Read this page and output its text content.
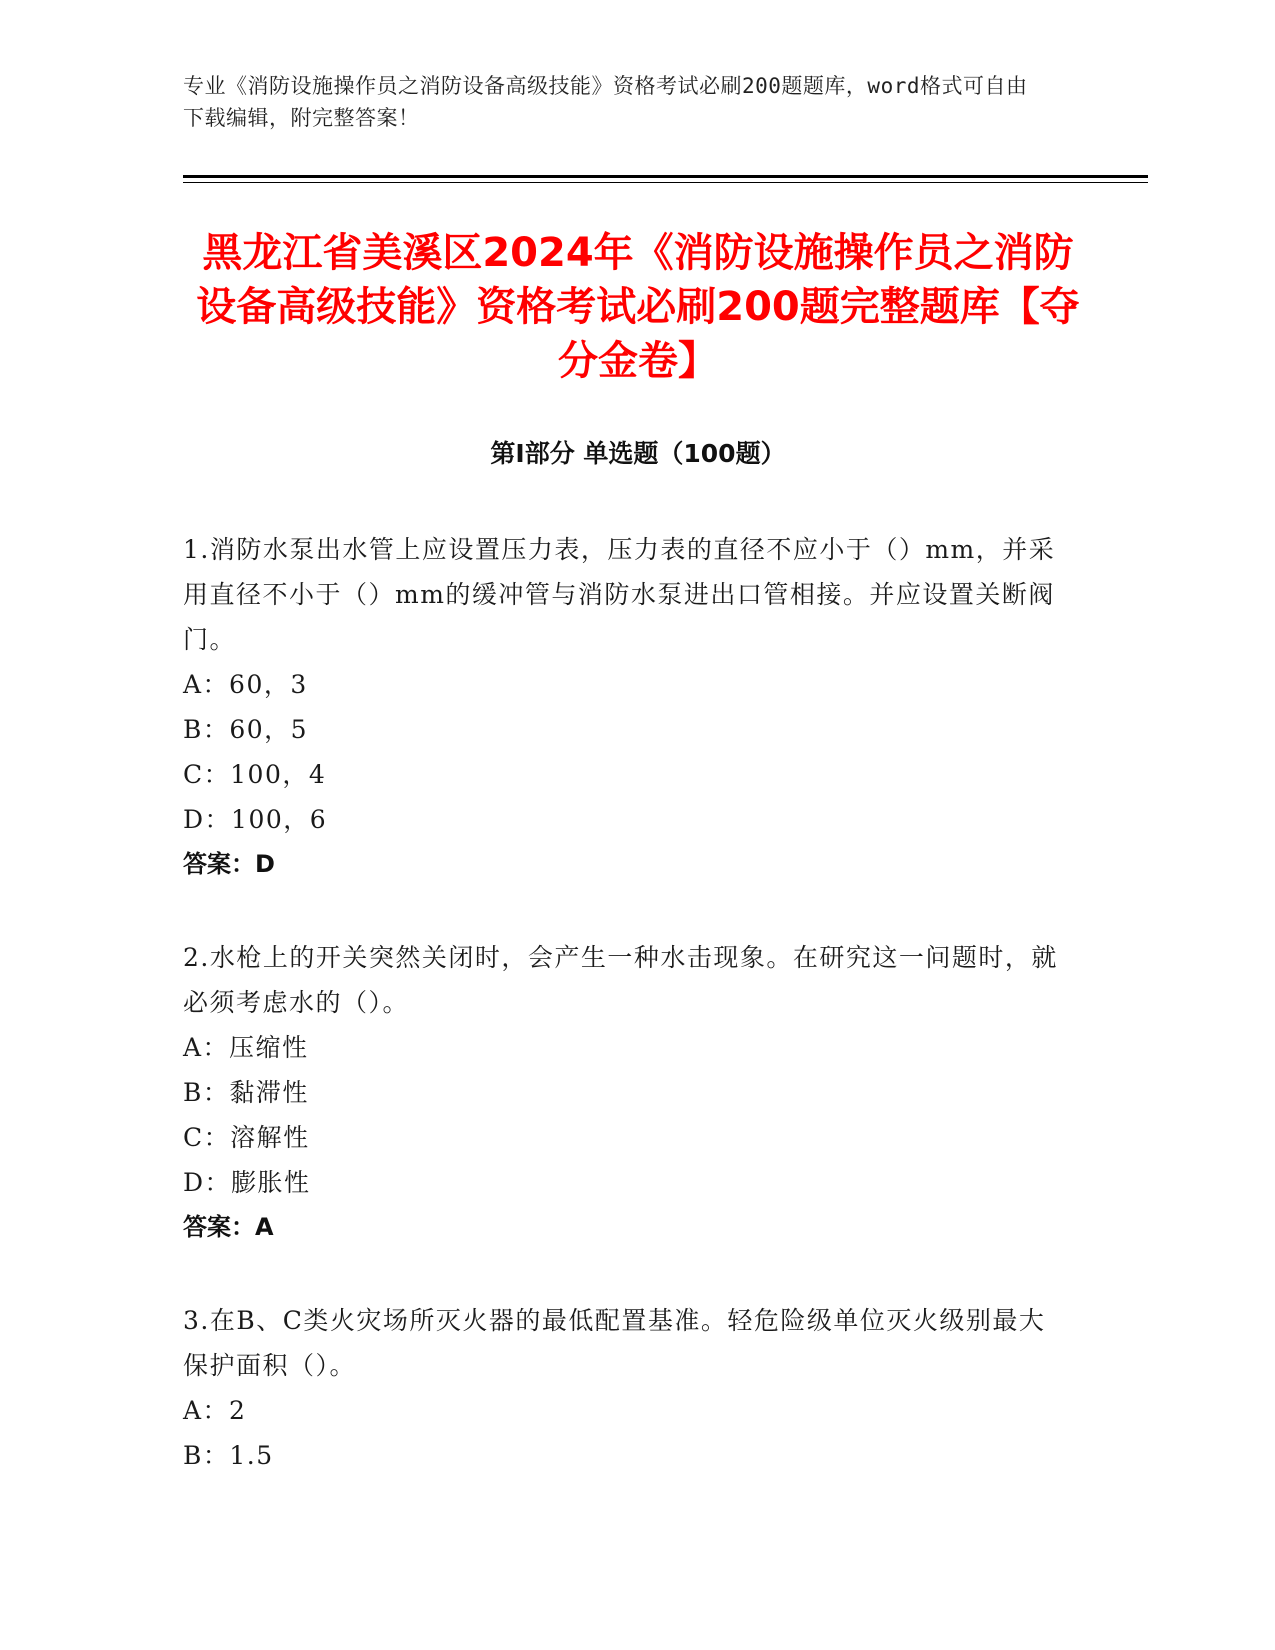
专业《消防设施操作员之消防设备高级技能》资格考试必刷200题题库，word格式可自由下载编辑，附完整答案！
黑龙江省美溪区2024年《消防设施操作员之消防设备高级技能》资格考试必刷200题完整题库【夺分金卷】
第Ⅰ部分 单选题（100题）
1.消防水泵出水管上应设置压力表，压力表的直径不应小于（）mm，并采用直径不小于（）mm的缓冲管与消防水泵进出口管相接。并应设置关断阀门。
A：60，3
B：60，5
C：100，4
D：100，6
答案：D
2.水枪上的开关突然关闭时，会产生一种水击现象。在研究这一问题时，就必须考虑水的（）。
A：压缩性
B：黏滞性
C：溶解性
D：膨胀性
答案：A
3.在B、C类火灾场所灭火器的最低配置基准。轻危险级单位灭火级别最大保护面积（）。
A：2
B：1.5
